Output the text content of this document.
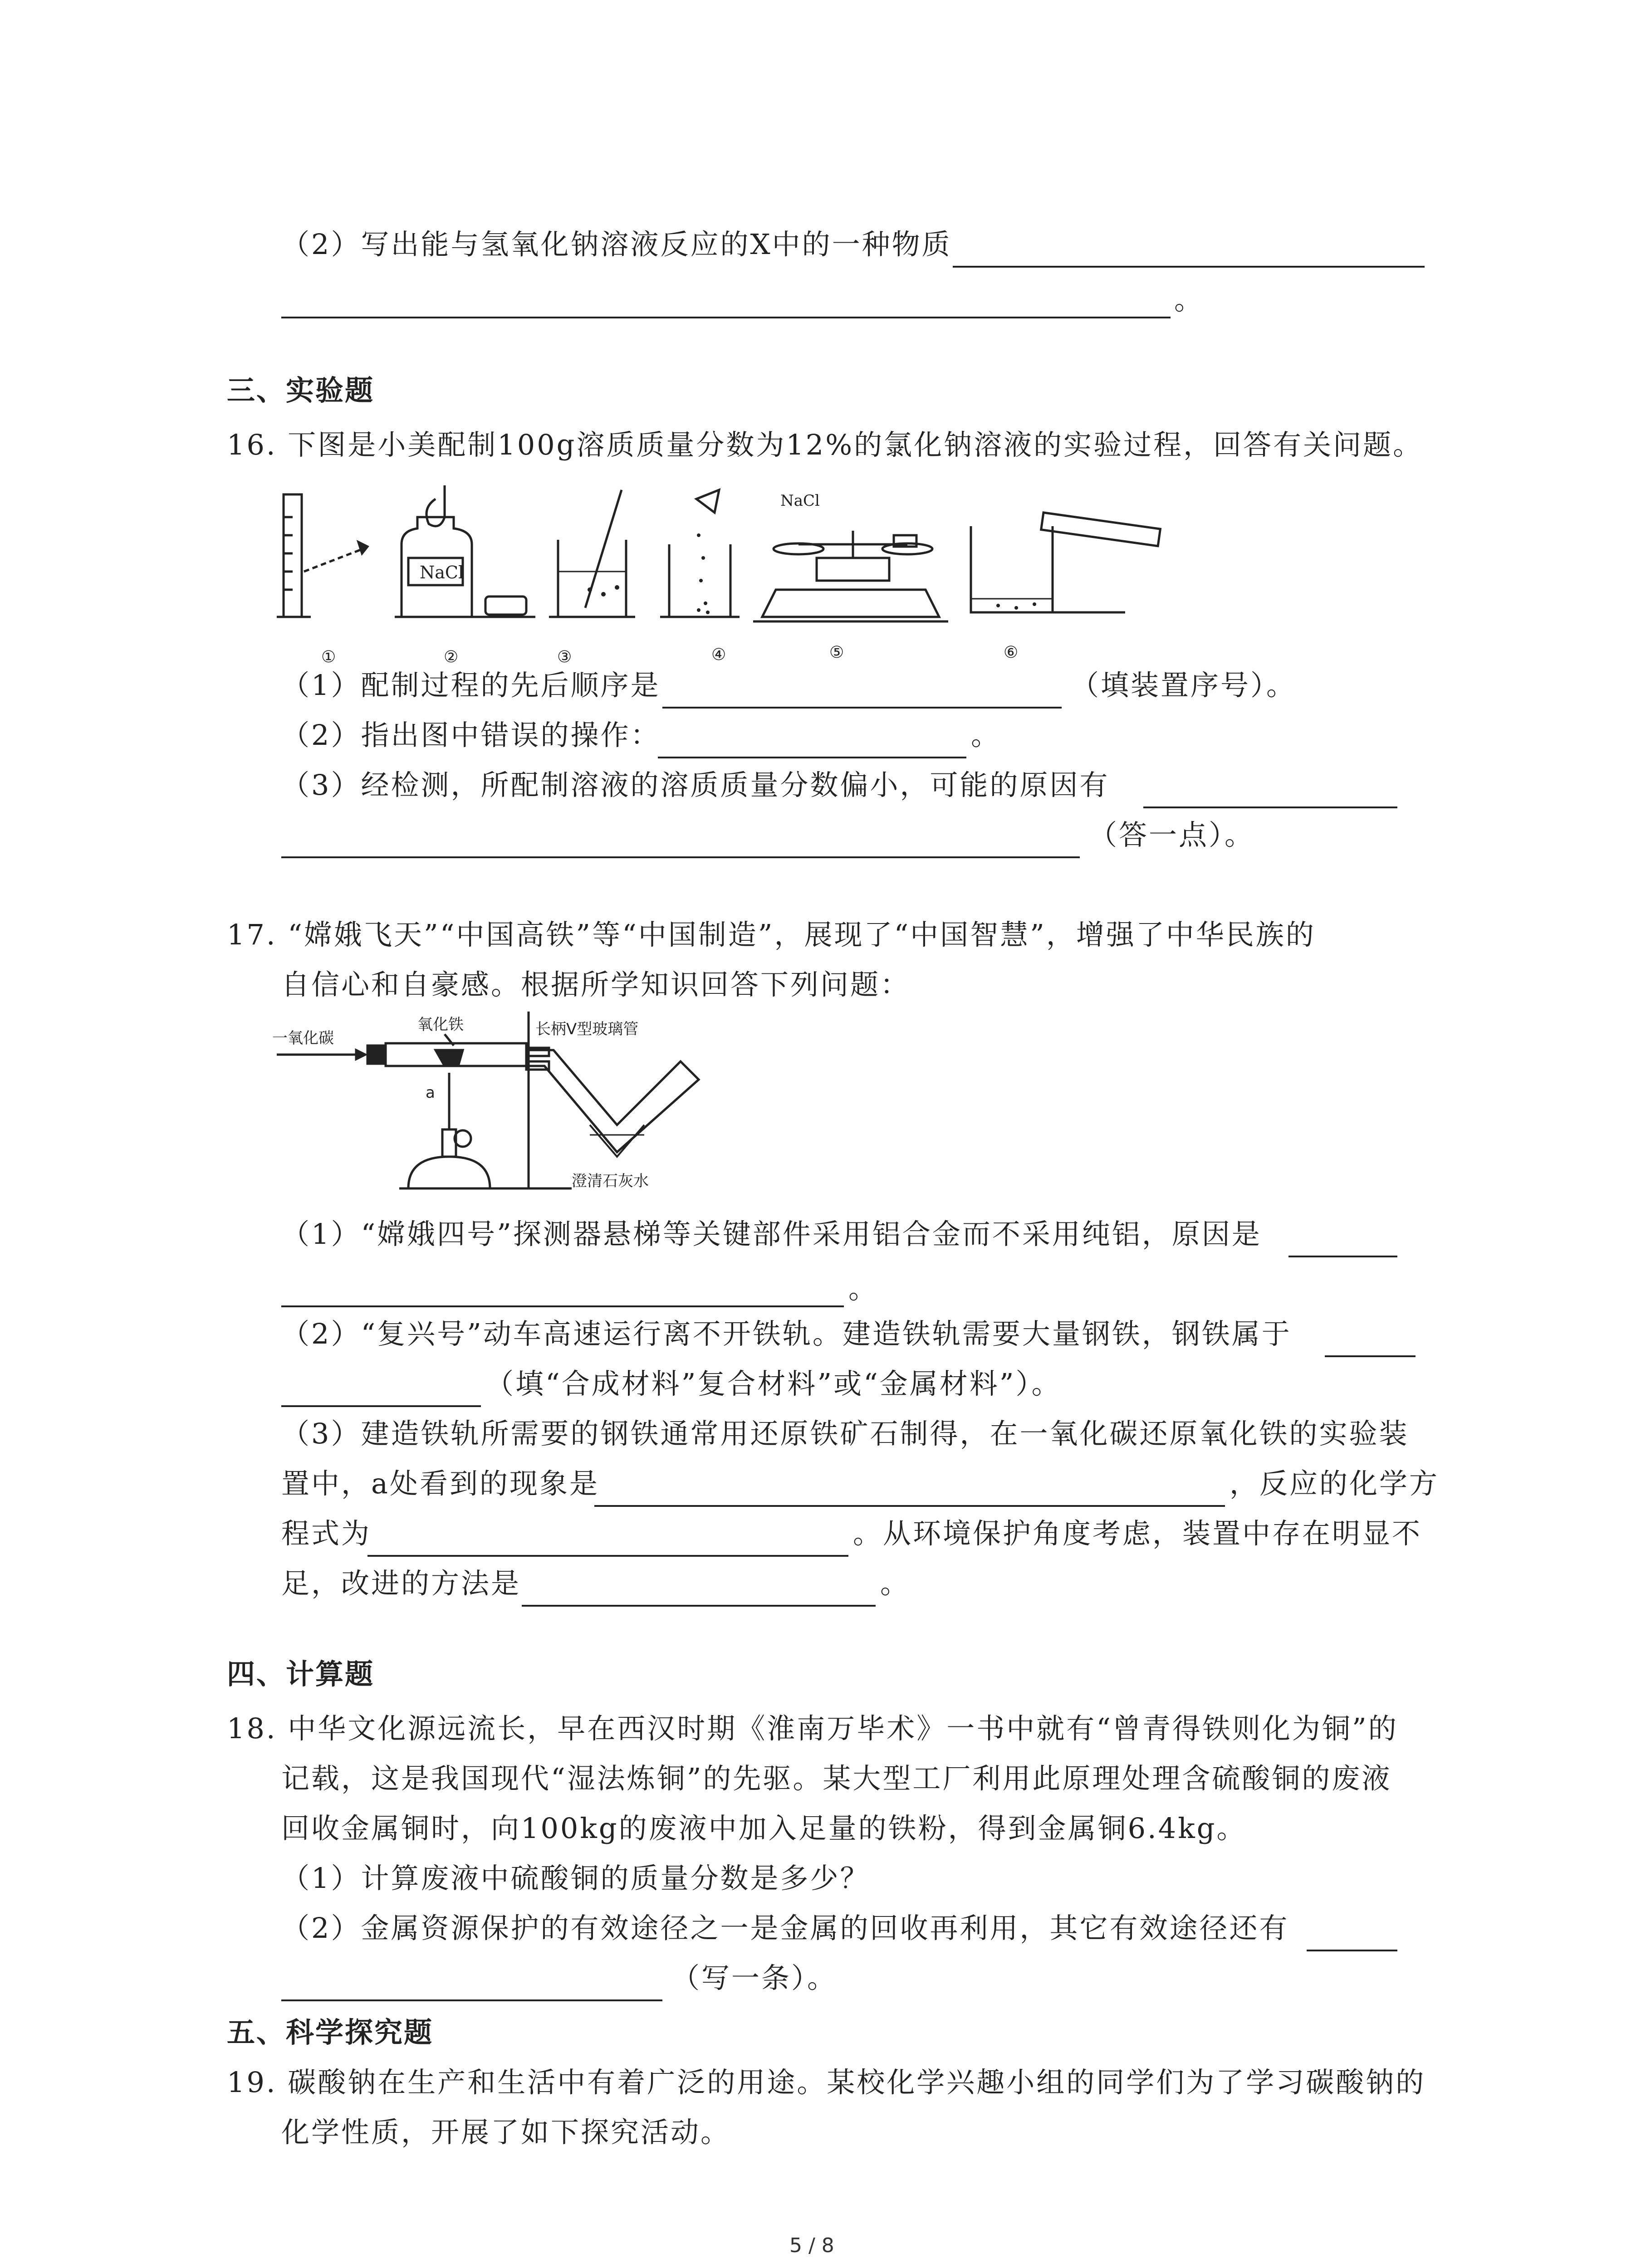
（2）写出能与氢氧化钠溶液反应的X中的一种物质
。
三、实验题
16. 下图是小美配制100g溶质质量分数为12%的氯化钠溶液的实验过程，回答有关问题。
NaCl
NaCl
①	②	③	④	⑤	⑥
（1）配制过程的先后顺序是	（填装置序号）。
（2）指出图中错误的操作：	。
（3）经检测，所配制溶液的溶质质量分数偏小，可能的原因有
（答一点）。
17. “嫦娥飞天”“中国高铁”等“中国制造”，展现了“中国智慧”，增强了中华民族的
自信心和自豪感。根据所学知识回答下列问题：
一氧化碳
氧化铁	长柄V型玻璃管
a
澄清石灰水
（1）“嫦娥四号”探测器悬梯等关键部件采用铝合金而不采用纯铝，原因是
。
（2）“复兴号”动车高速运行离不开铁轨。建造铁轨需要大量钢铁，钢铁属于
（填“合成材料”复合材料”或“金属材料”）。
（3）建造铁轨所需要的钢铁通常用还原铁矿石制得，在一氧化碳还原氧化铁的实验装
置中，a处看到的现象是	，反应的化学方
程式为	。从环境保护角度考虑，装置中存在明显不
足，改进的方法是	。
四、计算题
18. 中华文化源远流长，早在西汉时期《淮南万毕术》一书中就有“曾青得铁则化为铜”的
记载，这是我国现代“湿法炼铜”的先驱。某大型工厂利用此原理处理含硫酸铜的废液
回收金属铜时，向100kg的废液中加入足量的铁粉，得到金属铜6.4kg。
（1）计算废液中硫酸铜的质量分数是多少？
（2）金属资源保护的有效途径之一是金属的回收再利用，其它有效途径还有
（写一条）。
五、科学探究题
19. 碳酸钠在生产和生活中有着广泛的用途。某校化学兴趣小组的同学们为了学习碳酸钠的
化学性质，开展了如下探究活动。
5 / 8
